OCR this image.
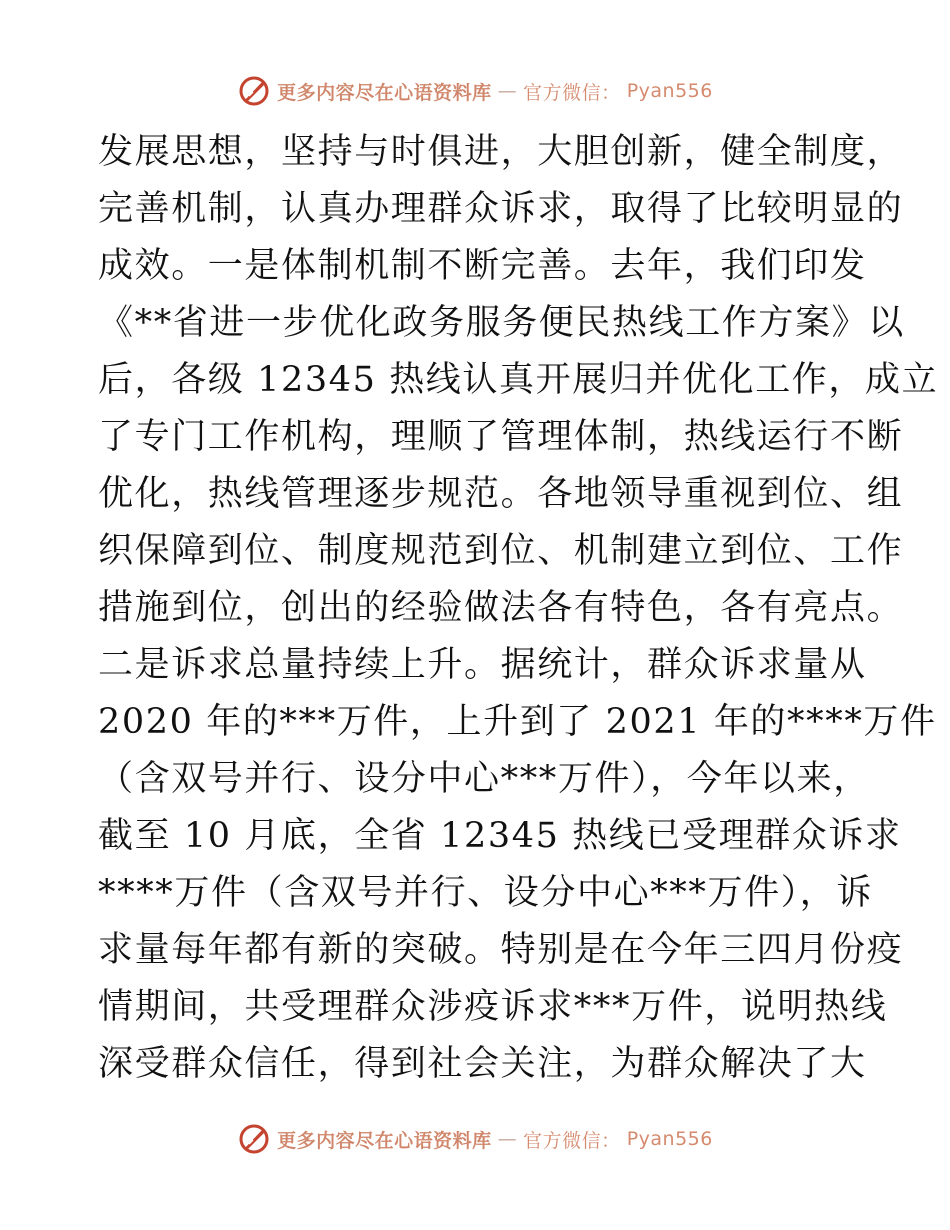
更多内容尽在心语资料库 — 官方微信： Pyan556
发展思想，坚持与时俱进，大胆创新，健全制度，
完善机制，认真办理群众诉求，取得了比较明显的
成效。一是体制机制不断完善。去年，我们印发
《**省进一步优化政务服务便民热线工作方案》以
后，各级 12345 热线认真开展归并优化工作，成立
了专门工作机构，理顺了管理体制，热线运行不断
优化，热线管理逐步规范。各地领导重视到位、组
织保障到位、制度规范到位、机制建立到位、工作
措施到位，创出的经验做法各有特色，各有亮点。
二是诉求总量持续上升。据统计，群众诉求量从
2020 年的***万件，上升到了 2021 年的****万件
（含双号并行、设分中心***万件），今年以来，
截至 10 月底，全省 12345 热线已受理群众诉求
****万件（含双号并行、设分中心***万件），诉
求量每年都有新的突破。特别是在今年三四月份疫
情期间，共受理群众涉疫诉求***万件，说明热线
深受群众信任，得到社会关注，为群众解决了大
更多内容尽在心语资料库 — 官方微信： Pyan556
